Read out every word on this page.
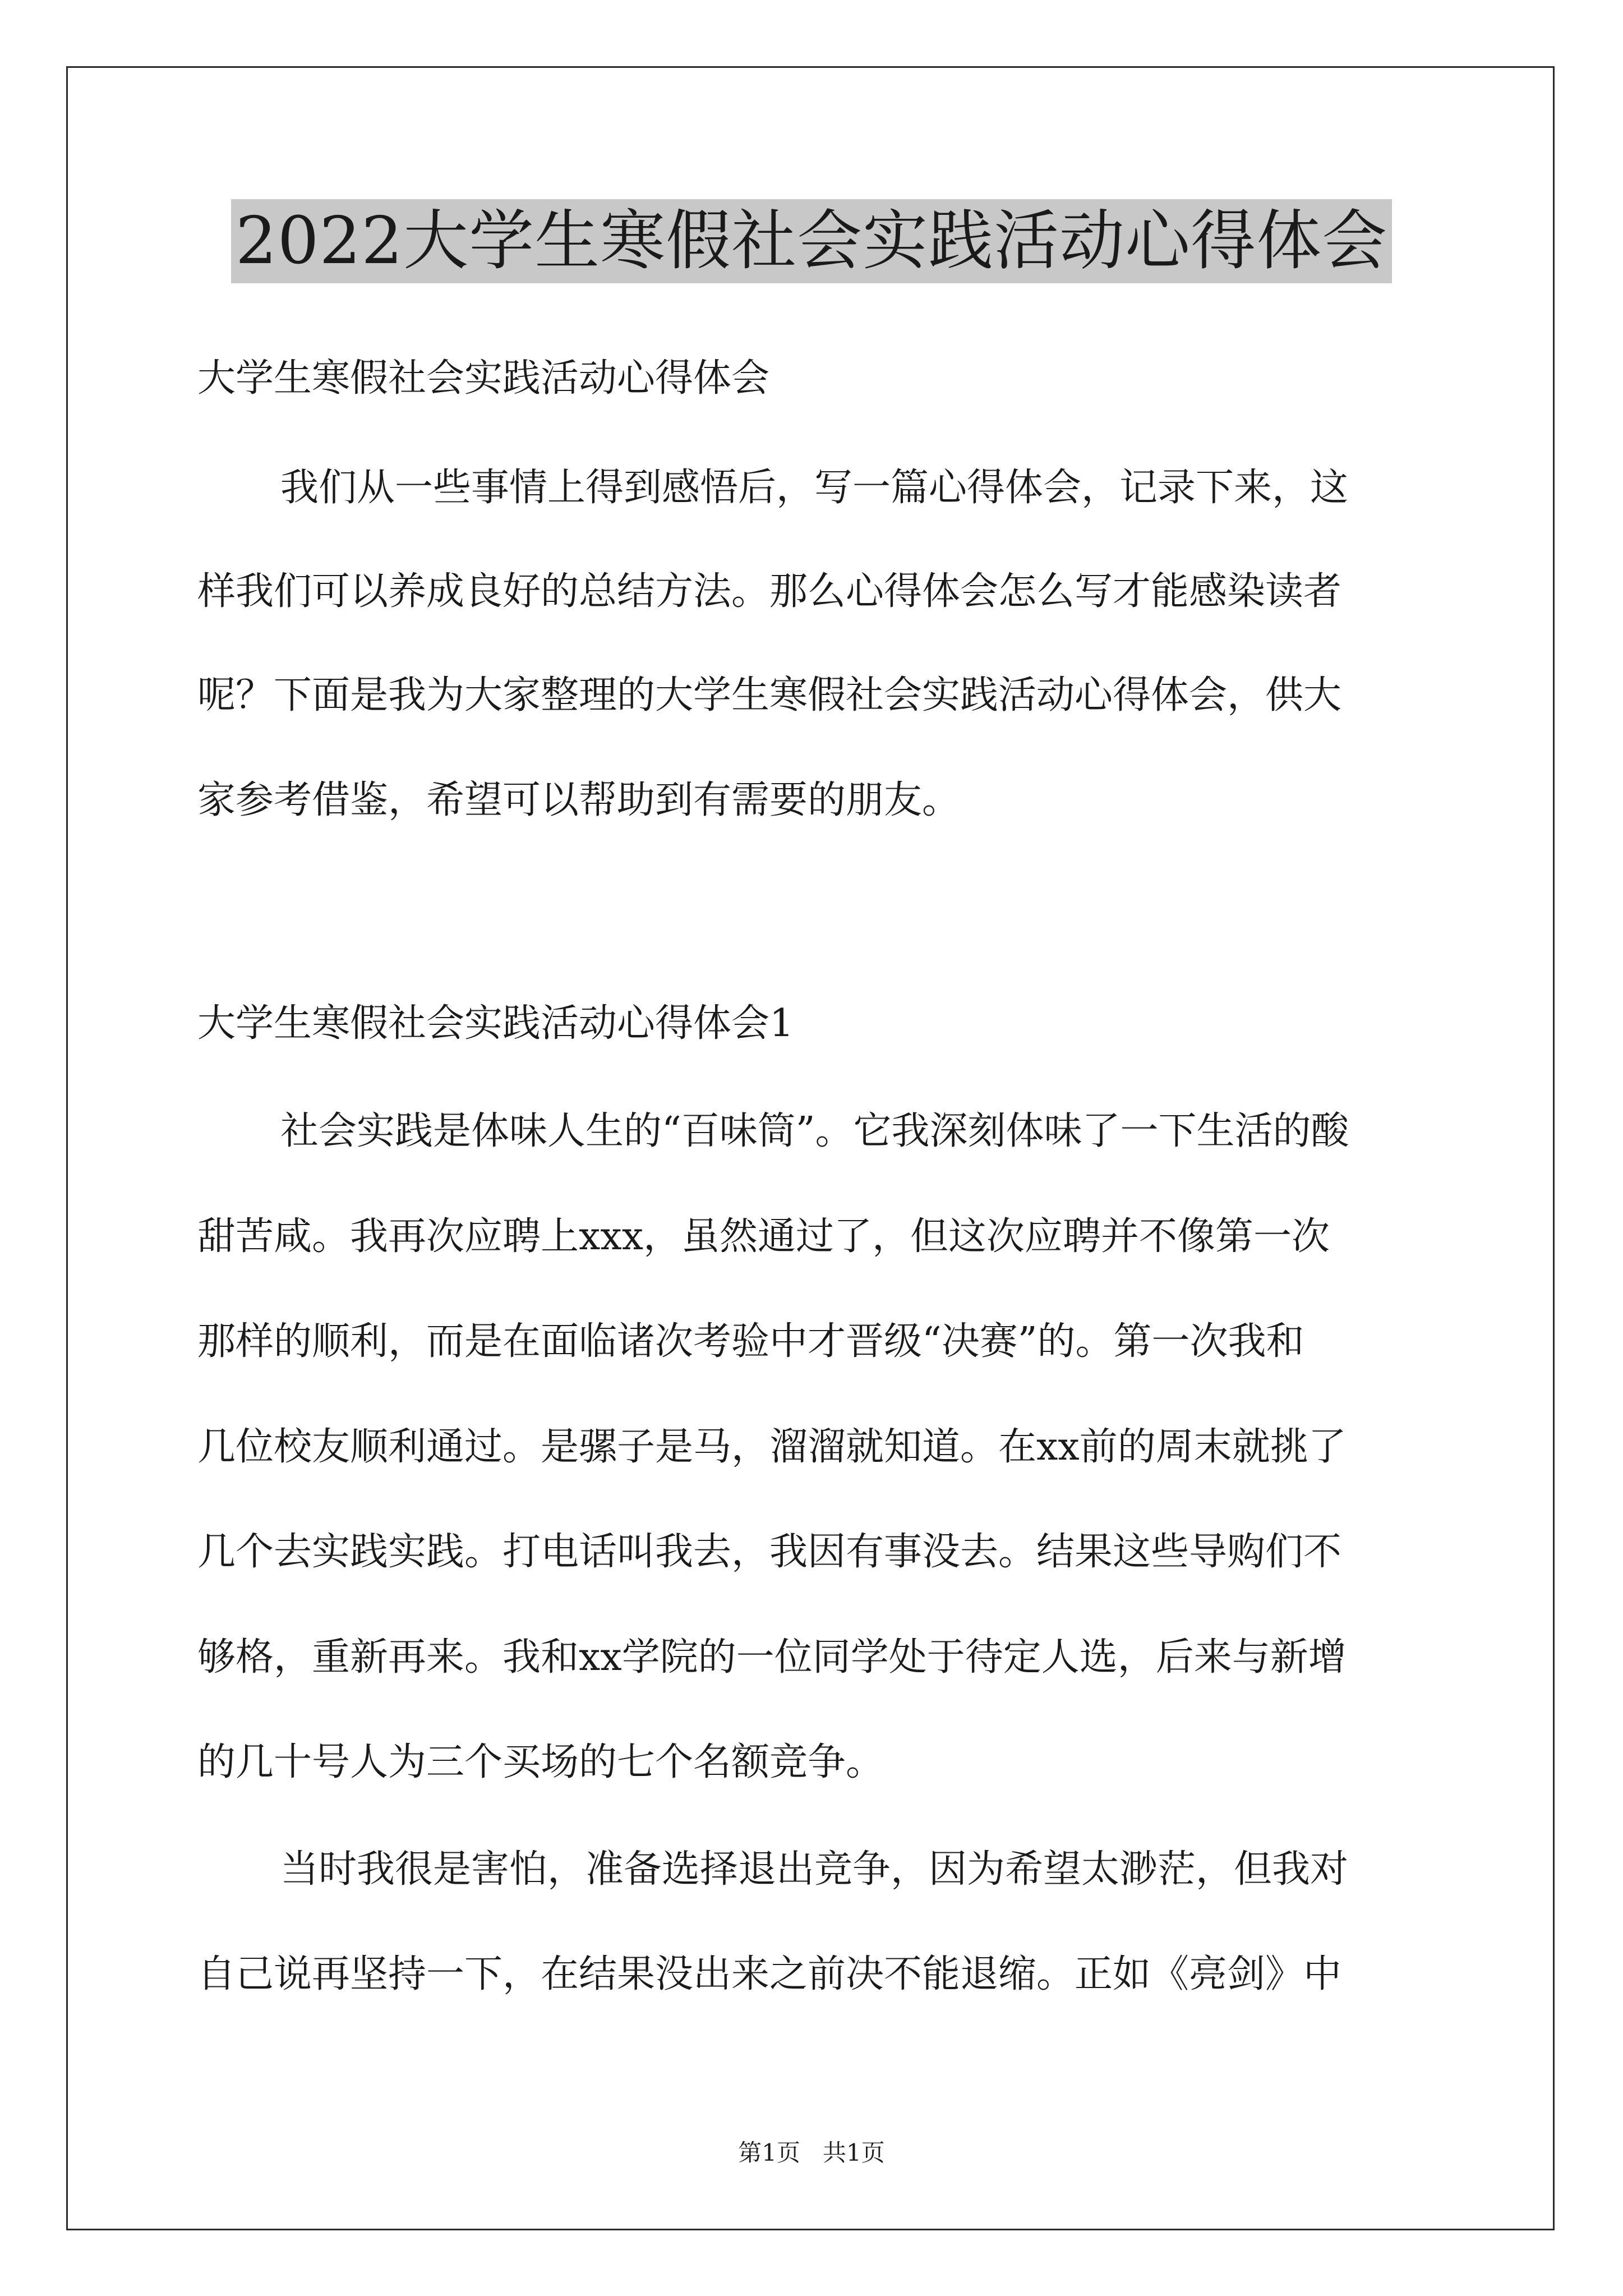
2022大学生寒假社会实践活动心得体会
大学生寒假社会实践活动心得体会
我们从一些事情上得到感悟后，写一篇心得体会，记录下来，这
样我们可以养成良好的总结方法。那么心得体会怎么写才能感染读者
呢？下面是我为大家整理的大学生寒假社会实践活动心得体会，供大
家参考借鉴，希望可以帮助到有需要的朋友。
大学生寒假社会实践活动心得体会1
社会实践是体味人生的“百味筒”。它我深刻体味了一下生活的酸
甜苦咸。我再次应聘上xxx，虽然通过了，但这次应聘并不像第一次
那样的顺利，而是在面临诸次考验中才晋级“决赛”的。第一次我和
几位校友顺利通过。是骡子是马，溜溜就知道。在xx前的周末就挑了
几个去实践实践。打电话叫我去，我因有事没去。结果这些导购们不
够格，重新再来。我和xx学院的一位同学处于待定人选，后来与新增
的几十号人为三个买场的七个名额竞争。
当时我很是害怕，准备选择退出竞争，因为希望太渺茫，但我对
自己说再坚持一下，在结果没出来之前决不能退缩。正如《亮剑》中
第1页   共1页
